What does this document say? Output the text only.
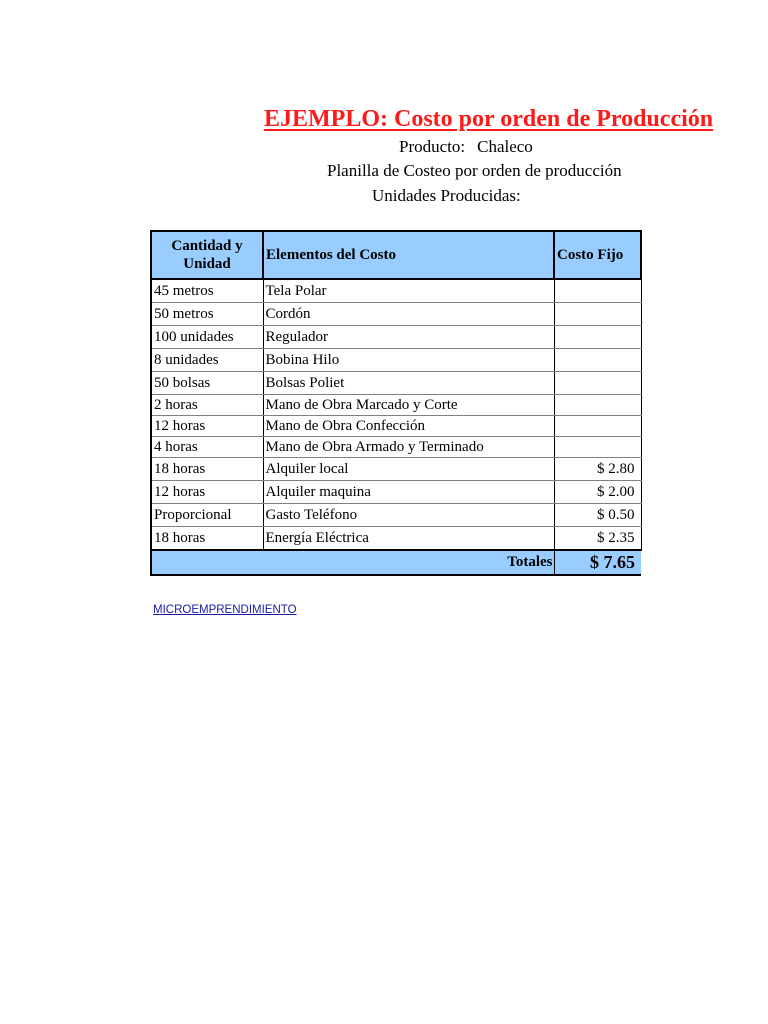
EJEMPLO: Costo por orden de Producción
Producto: Chaleco
Planilla de Costeo por orden de producción
Unidades Producidas:
Cantidad y Unidad	Elementos del Costo	Costo Fijo
45 metros	Tela Polar	
50 metros	Cordón	
100 unidades	Regulador	
8 unidades	Bobina Hilo	
50 bolsas	Bolsas Poliet	
2 horas	Mano de Obra Marcado y Corte	
12 horas	Mano de Obra Confección	
4 horas	Mano de Obra Armado y Terminado	
18 horas	Alquiler local	$ 2.80
12 horas	Alquiler maquina	$ 2.00
Proporcional	Gasto Teléfono	$ 0.50
18 horas	Energía Eléctrica	$ 2.35
Totales		$ 7.65
MICROEMPRENDIMIENTO
